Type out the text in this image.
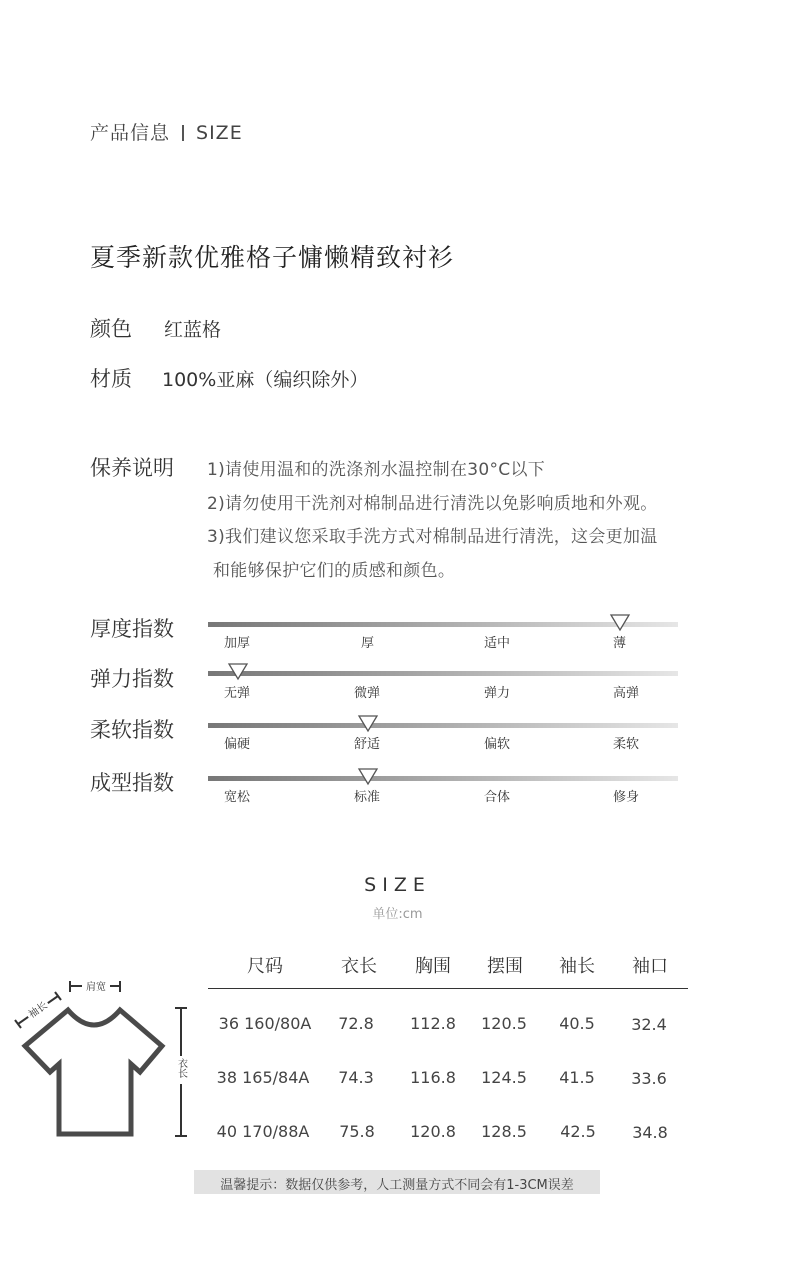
产品信息 SIZE
夏季新款优雅格子慵懒精致衬衫
颜色 红蓝格
材质 100%亚麻（编织除外）
保养说明 1)请使用温和的洗涤剂水温控制在30°C以下
2)请勿使用干洗剂对棉制品进行清洗以免影响质地和外观。
3)我们建议您采取手洗方式对棉制品进行清洗，这会更加温
和能够保护它们的质感和颜色。
厚度指数
加厚	厚	适中	薄
弹力指数
无弹	微弹	弹力	高弹
柔软指数
偏硬	舒适	偏软	柔软
成型指数
宽松	标准	合体	修身
SIZE
单位:cm
肩宽
袖长
衣长
尺码	衣长 胸围 摆围 袖长 袖口
36 160/80A 72.8 112.8 120.5 40.5 32.4
38 165/84A 74.3 116.8 124.5 41.5 33.6
40 170/88A 75.8 120.8 128.5 42.5 34.8
温馨提示：数据仅供参考，人工测量方式不同会有1-3CM误差
